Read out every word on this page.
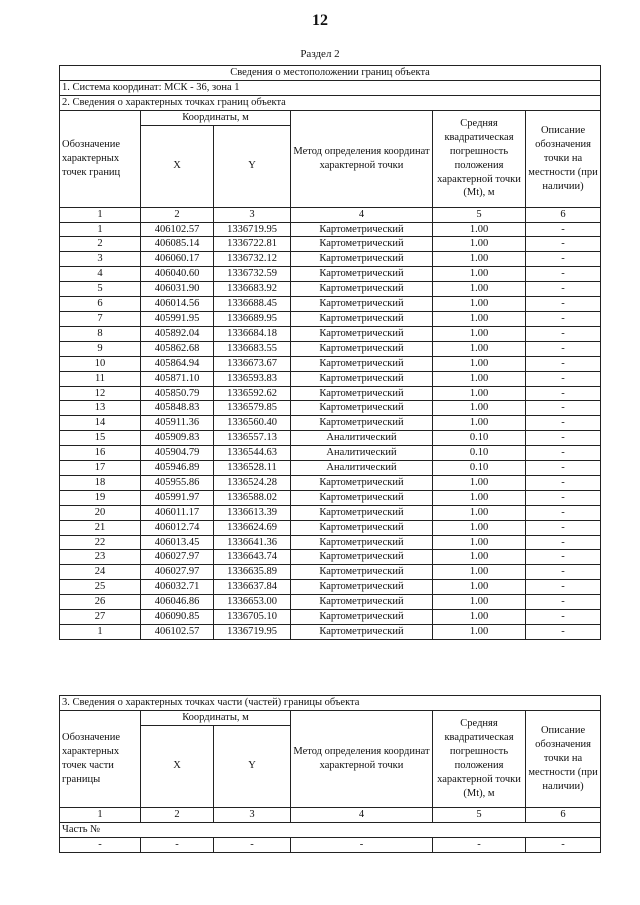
12
Раздел 2
Сведения о местоположении границ объекта					
1. Система координат: МСК - 36, зона 1					
2. Сведения о характерных точках границ объекта					
Обозначение характерных точек границ	Координаты, м		Метод определения координат характерной точки	Средняя квадратическая погрешность положения характерной точки (Mt), м	Описание обозначения точки на местности (при наличии)
	X	Y			
1	2	3	4	5	6
1	406102.57	1336719.95	Картометрический	1.00	-
2	406085.14	1336722.81	Картометрический	1.00	-
3	406060.17	1336732.12	Картометрический	1.00	-
4	406040.60	1336732.59	Картометрический	1.00	-
5	406031.90	1336683.92	Картометрический	1.00	-
6	406014.56	1336688.45	Картометрический	1.00	-
7	405991.95	1336689.95	Картометрический	1.00	-
8	405892.04	1336684.18	Картометрический	1.00	-
9	405862.68	1336683.55	Картометрический	1.00	-
10	405864.94	1336673.67	Картометрический	1.00	-
11	405871.10	1336593.83	Картометрический	1.00	-
12	405850.79	1336592.62	Картометрический	1.00	-
13	405848.83	1336579.85	Картометрический	1.00	-
14	405911.36	1336560.40	Картометрический	1.00	-
15	405909.83	1336557.13	Аналитический	0.10	-
16	405904.79	1336544.63	Аналитический	0.10	-
17	405946.89	1336528.11	Аналитический	0.10	-
18	405955.86	1336524.28	Картометрический	1.00	-
19	405991.97	1336588.02	Картометрический	1.00	-
20	406011.17	1336613.39	Картометрический	1.00	-
21	406012.74	1336624.69	Картометрический	1.00	-
22	406013.45	1336641.36	Картометрический	1.00	-
23	406027.97	1336643.74	Картометрический	1.00	-
24	406027.97	1336635.89	Картометрический	1.00	-
25	406032.71	1336637.84	Картометрический	1.00	-
26	406046.86	1336653.00	Картометрический	1.00	-
27	406090.85	1336705.10	Картометрический	1.00	-
1	406102.57	1336719.95	Картометрический	1.00	-
3. Сведения о характерных точках части (частей) границы объекта					
Обозначение характерных точек части границы	Координаты, м		Метод определения координат характерной точки	Средняя квадратическая погрешность положения характерной точки (Mt), м	Описание обозначения точки на местности (при наличии)
	X	Y			
1	2	3	4	5	6
Часть №					
-	-	-	-	-	-
